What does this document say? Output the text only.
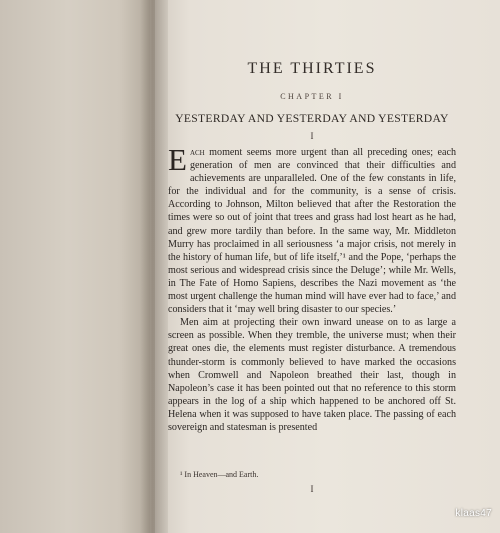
THE THIRTIES
CHAPTER I
YESTERDAY AND YESTERDAY AND YESTERDAY
I

Each moment seems more urgent than all preceding ones; each generation of men are convinced that their difficulties and achievements are unparalleled. One of the few constants in life, for the individual and for the community, is a sense of crisis. According to Johnson, Milton believed that after the Restoration the times were so out of joint that trees and grass had lost heart as he had, and grew more tardily than before. In the same way, Mr. Middleton Murry has proclaimed in all seriousness ‘a major crisis, not merely in the history of human life, but of life itself,’¹ and the Pope, ‘perhaps the most serious and widespread crisis since the Deluge’; while Mr. Wells, in The Fate of Homo Sapiens, describes the Nazi movement as ‘the most urgent challenge the human mind will have ever had to face,’ and considers that it ‘may well bring disaster to our species.’

Men aim at projecting their own inward unease on to as large a screen as possible. When they tremble, the universe must; when their great ones die, the elements must register disturbance. A tremendous thunder-storm is commonly believed to have marked the occasions when Cromwell and Napoleon breathed their last, though in Napoleon’s case it has been pointed out that no reference to this storm appears in the log of a ship which happened to be anchored off St. Helena when it was supposed to have taken place. The passing of each sovereign and statesman is presented

¹ In Heaven—and Earth.
I
klaas47
